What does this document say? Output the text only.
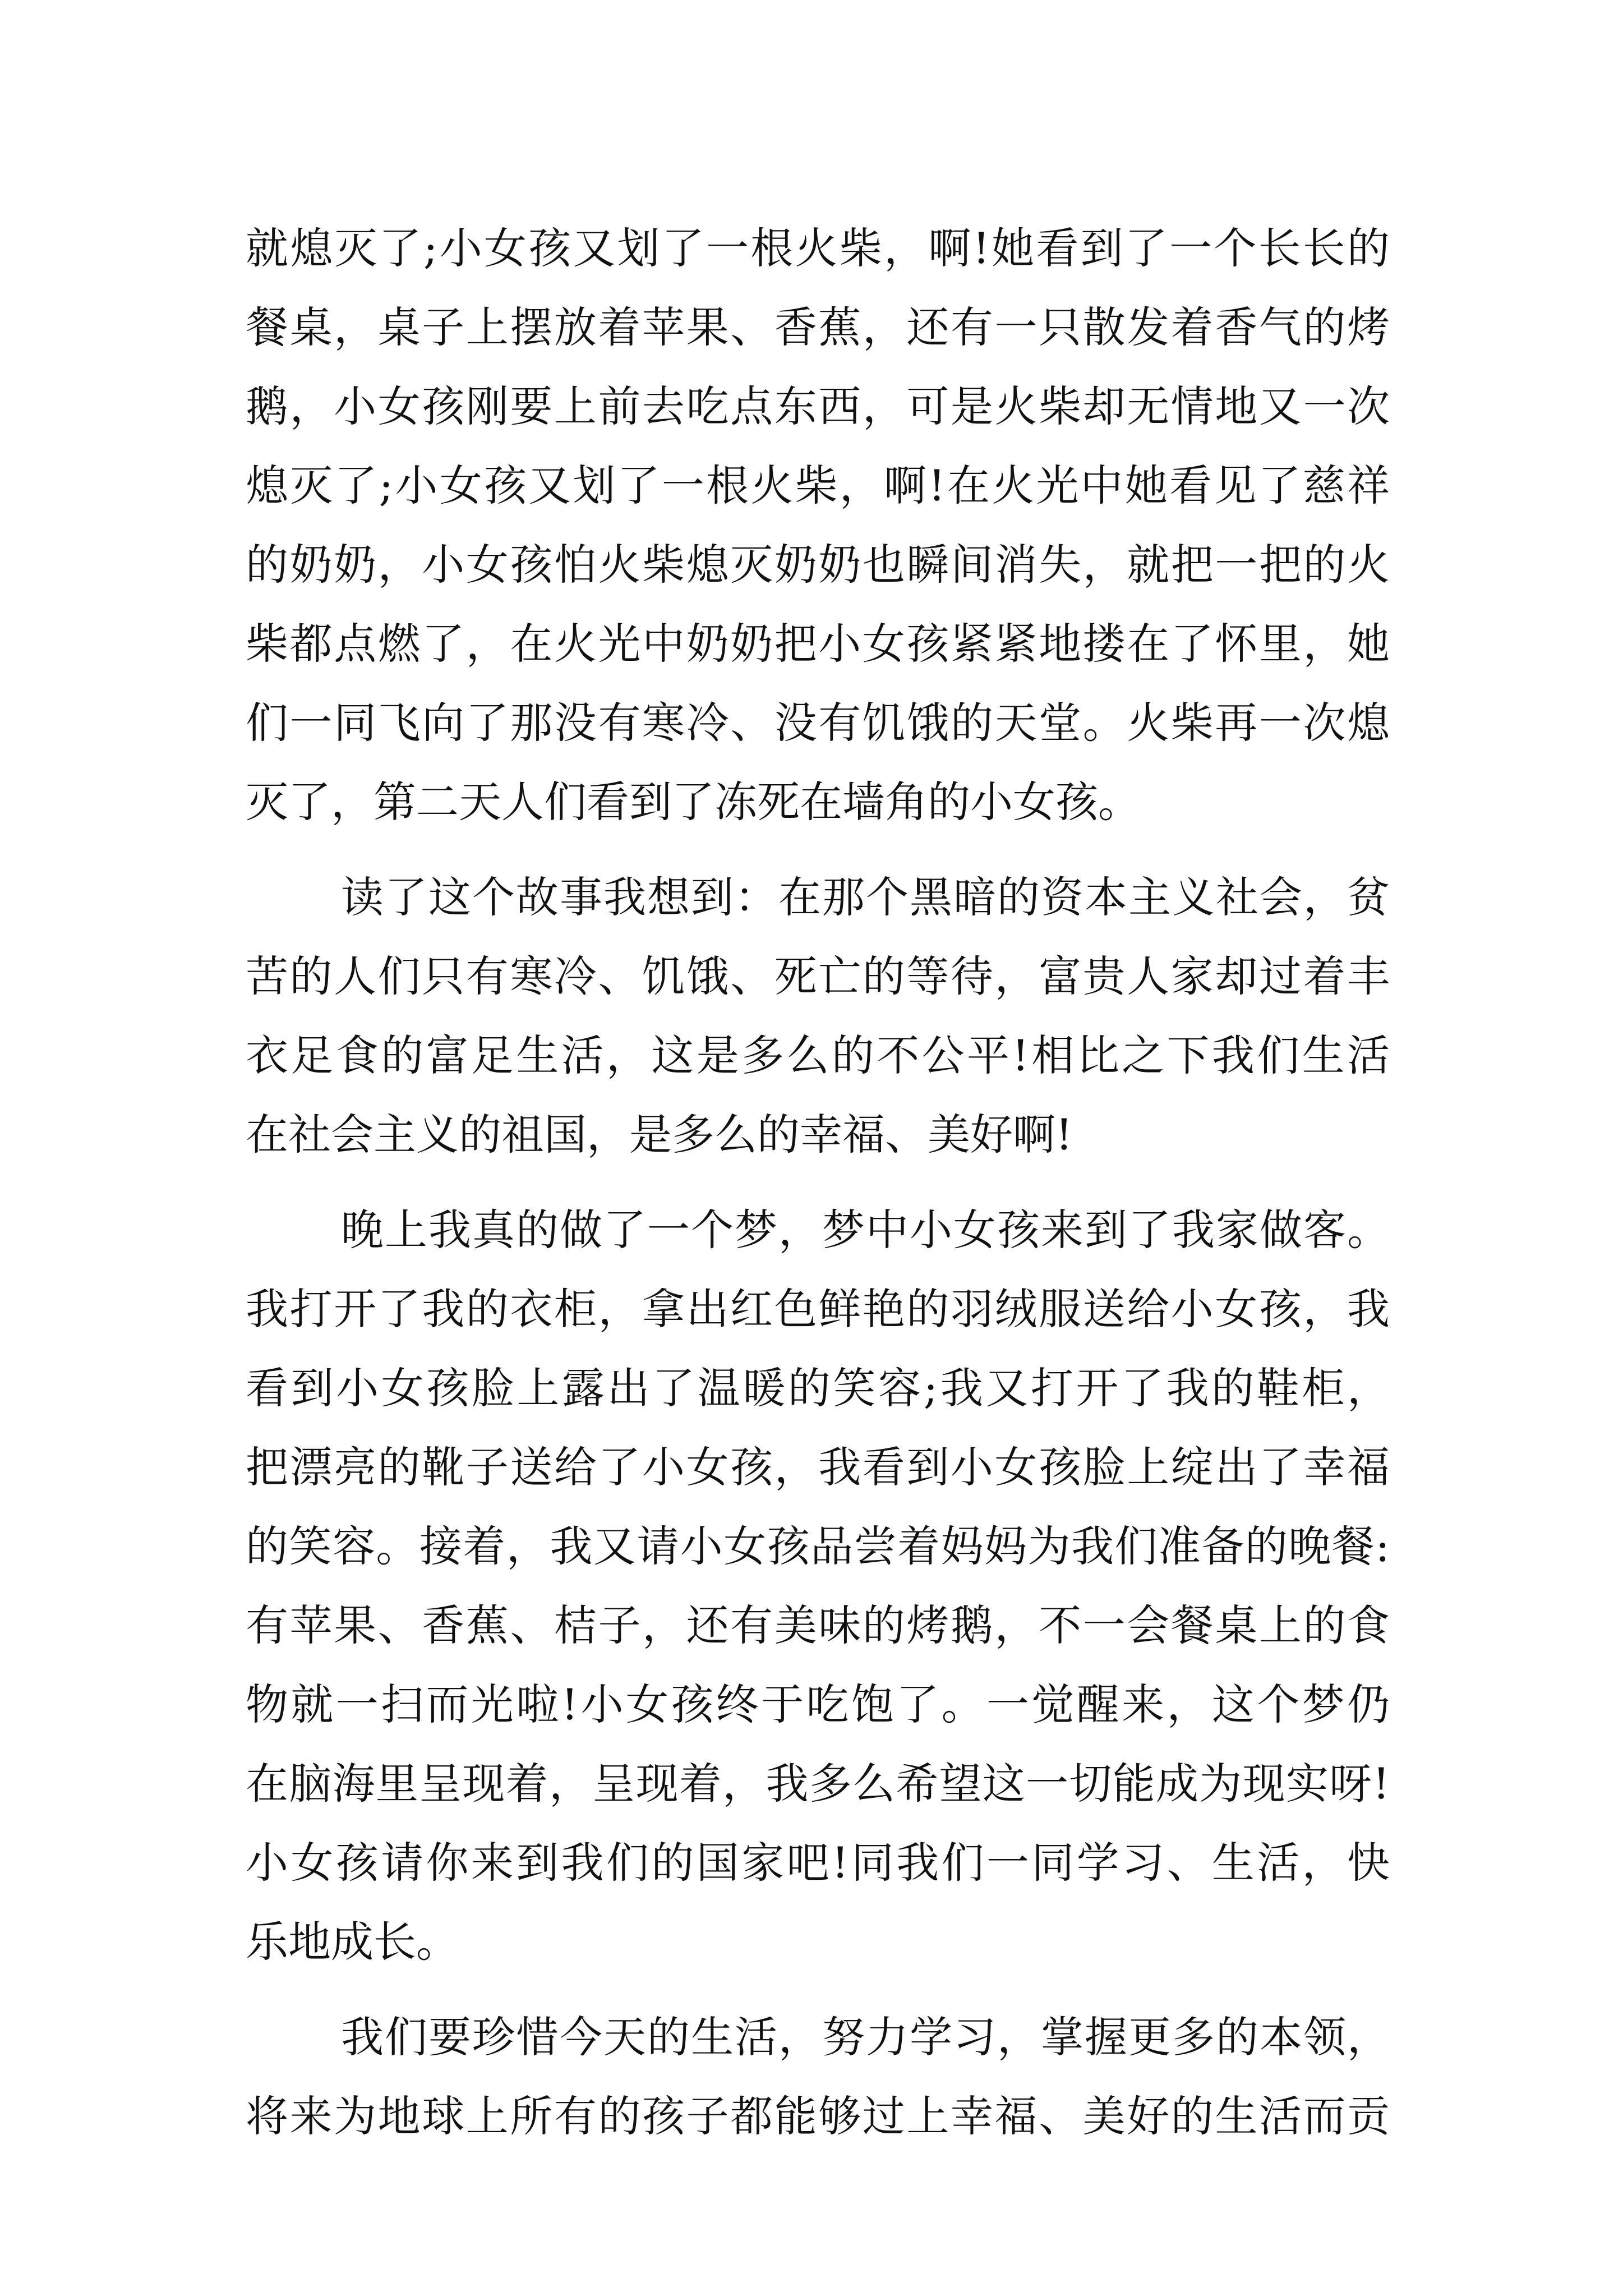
就熄灭了;小女孩又划了一根火柴，啊!她看到了一个长长的
餐桌，桌子上摆放着苹果、香蕉，还有一只散发着香气的烤
鹅，小女孩刚要上前去吃点东西，可是火柴却无情地又一次
熄灭了;小女孩又划了一根火柴，啊!在火光中她看见了慈祥
的奶奶，小女孩怕火柴熄灭奶奶也瞬间消失，就把一把的火
柴都点燃了，在火光中奶奶把小女孩紧紧地搂在了怀里，她
们一同飞向了那没有寒冷、没有饥饿的天堂。火柴再一次熄
灭了，第二天人们看到了冻死在墙角的小女孩。
读了这个故事我想到：在那个黑暗的资本主义社会，贫
苦的人们只有寒冷、饥饿、死亡的等待，富贵人家却过着丰
衣足食的富足生活，这是多么的不公平!相比之下我们生活
在社会主义的祖国，是多么的幸福、美好啊!
晚上我真的做了一个梦，梦中小女孩来到了我家做客。
我打开了我的衣柜，拿出红色鲜艳的羽绒服送给小女孩，我
看到小女孩脸上露出了温暖的笑容;我又打开了我的鞋柜，
把漂亮的靴子送给了小女孩，我看到小女孩脸上绽出了幸福
的笑容。接着，我又请小女孩品尝着妈妈为我们准备的晚餐:
有苹果、香蕉、桔子，还有美味的烤鹅，不一会餐桌上的食
物就一扫而光啦!小女孩终于吃饱了。一觉醒来，这个梦仍
在脑海里呈现着，呈现着，我多么希望这一切能成为现实呀!
小女孩请你来到我们的国家吧!同我们一同学习、生活，快
乐地成长。
我们要珍惜今天的生活，努力学习，掌握更多的本领，
将来为地球上所有的孩子都能够过上幸福、美好的生活而贡
